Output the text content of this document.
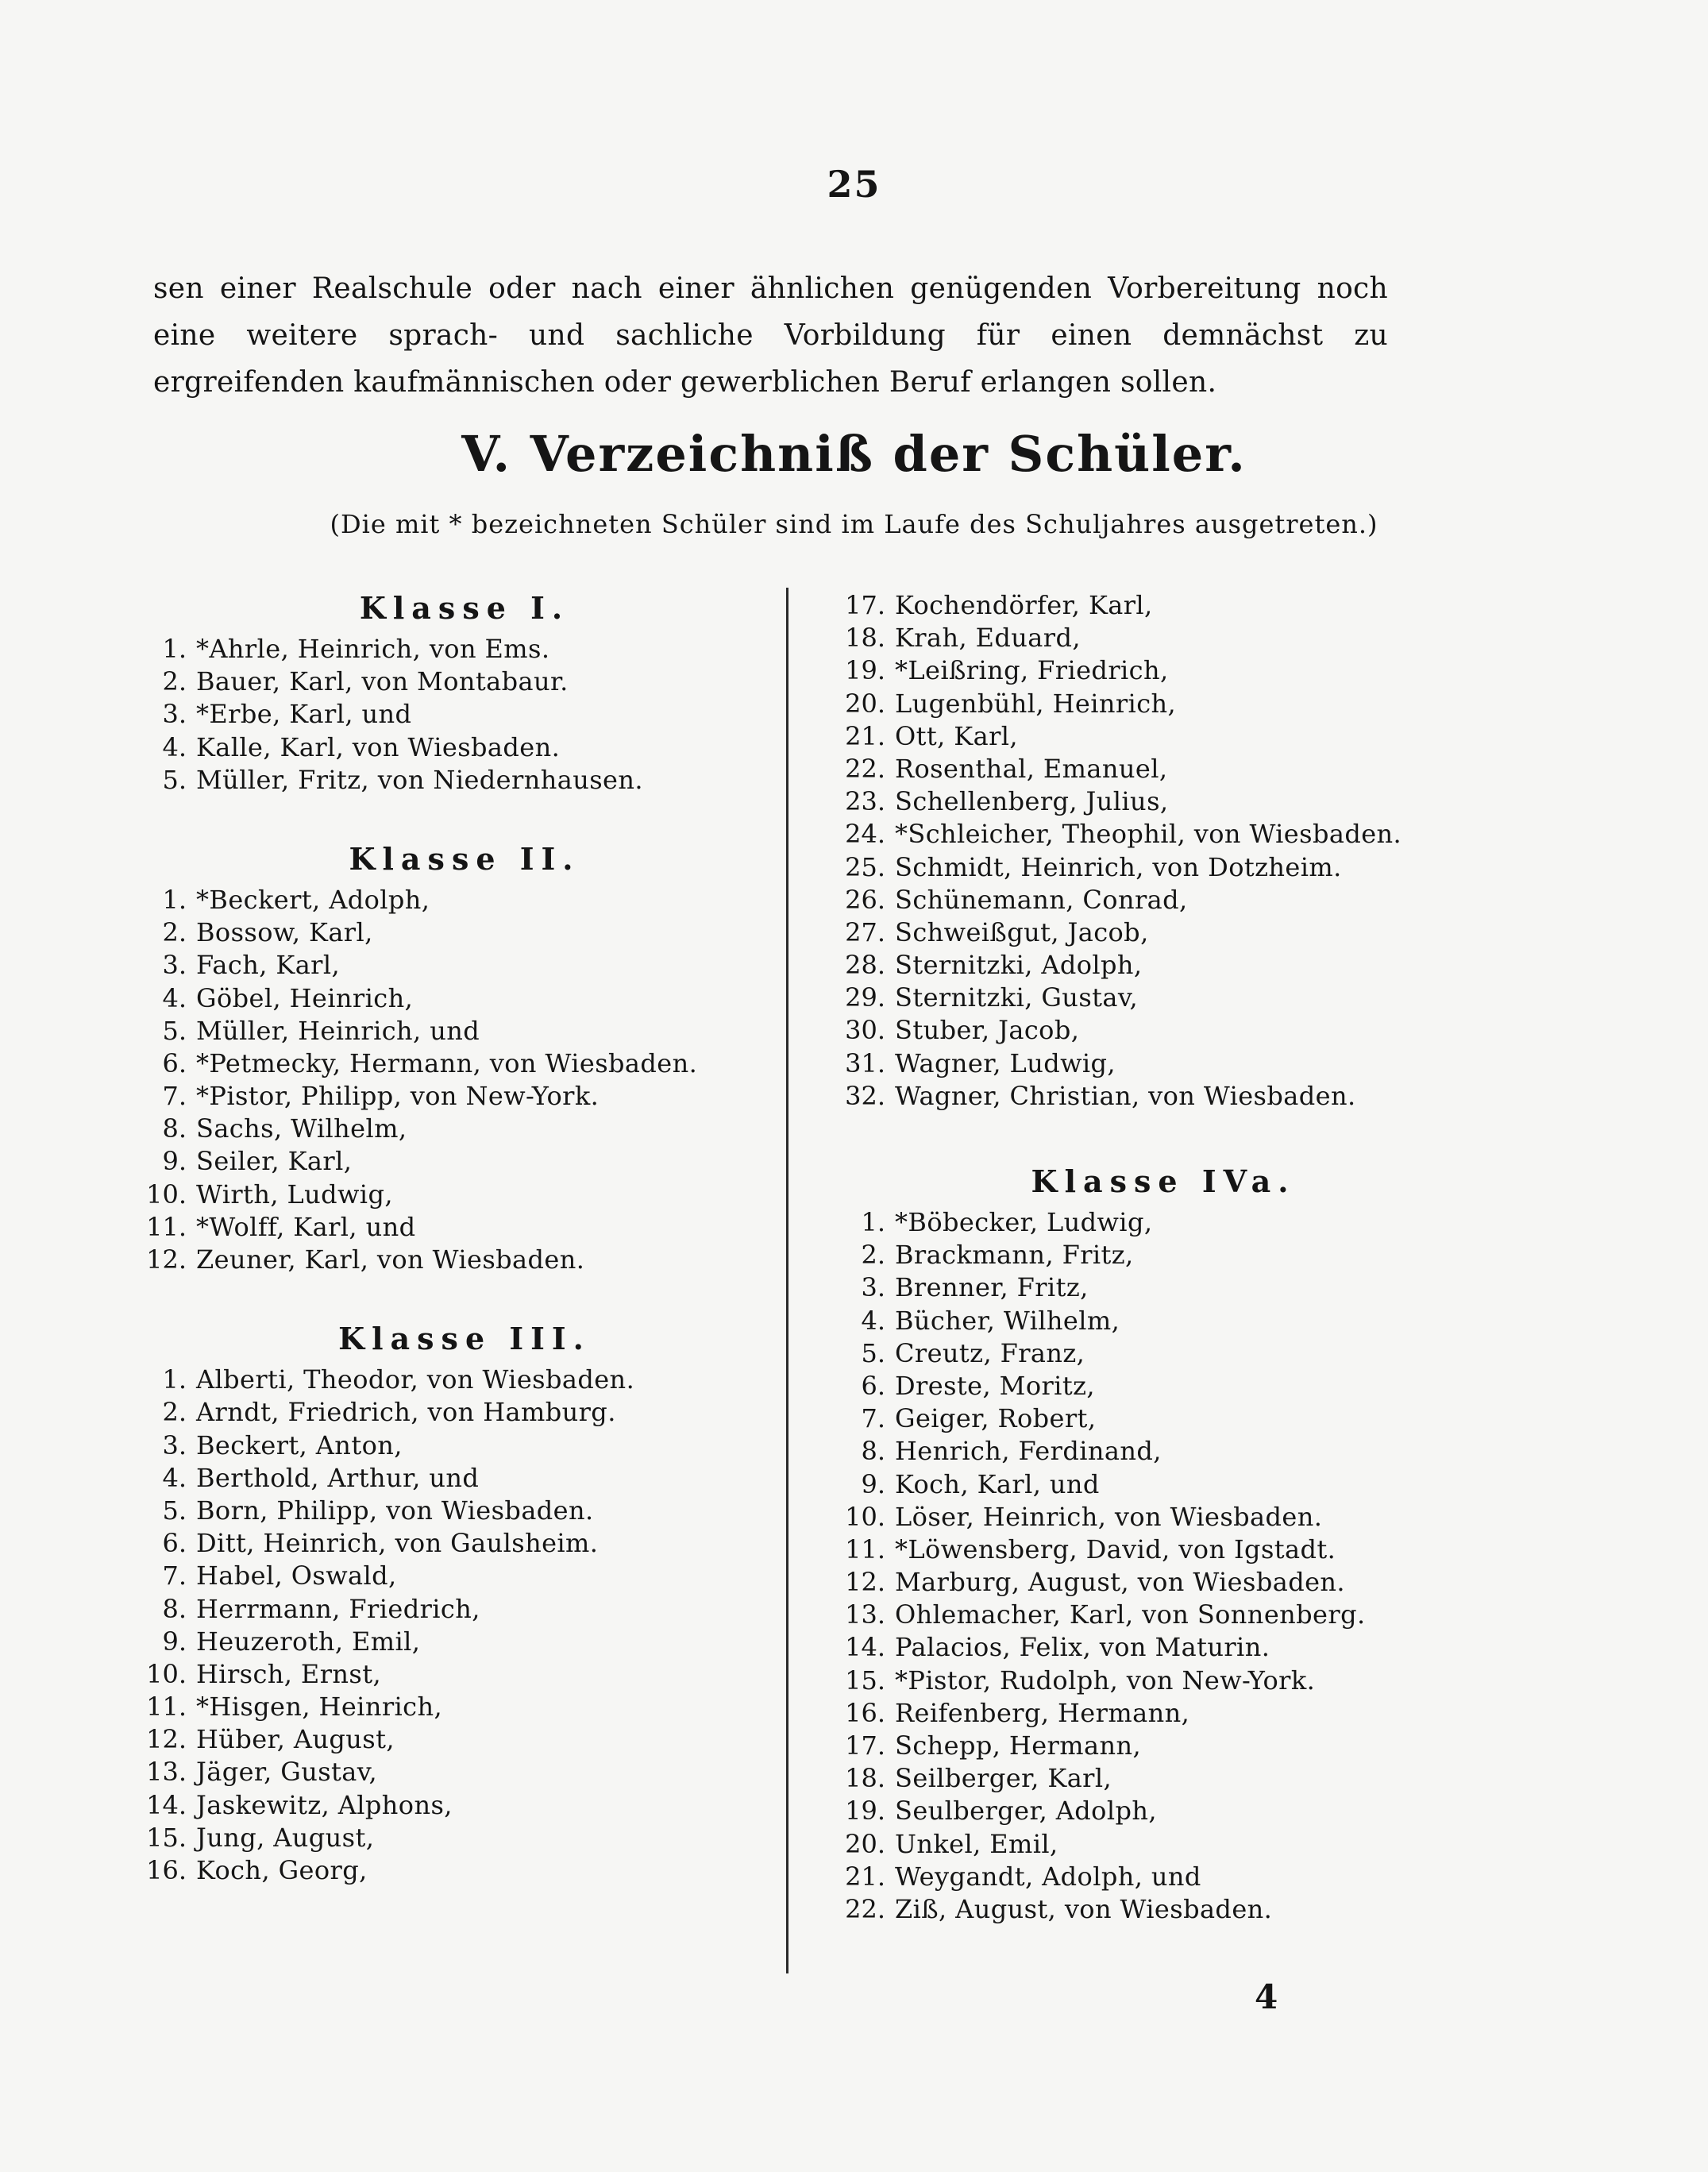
25

sen einer Realschule oder nach einer ähnlichen genügenden Vorbereitung noch eine weitere sprach- und sachliche Vorbildung für einen demnächst zu ergreifenden kaufmännischen oder gewerblichen Beruf erlangen sollen.

V. Verzeichniß der Schüler.
(Die mit * bezeichneten Schüler sind im Laufe des Schuljahres ausgetreten.)
Klasse I.
1. *Ahrle, Heinrich, von Ems.
2. Bauer, Karl, von Montabaur.
3. *Erbe, Karl, und
4. Kalle, Karl, von Wiesbaden.
5. Müller, Fritz, von Niedernhausen.
Klasse II.
1. *Beckert, Adolph,
2. Bossow, Karl,
3. Fach, Karl,
4. Göbel, Heinrich,
5. Müller, Heinrich, und
6. *Petmecky, Hermann, von Wiesbaden.
7. *Pistor, Philipp, von New-York.
8. Sachs, Wilhelm,
9. Seiler, Karl,
10. Wirth, Ludwig,
11. *Wolff, Karl, und
12. Zeuner, Karl, von Wiesbaden.
Klasse III.
1. Alberti, Theodor, von Wiesbaden.
2. Arndt, Friedrich, von Hamburg.
3. Beckert, Anton,
4. Berthold, Arthur, und
5. Born, Philipp, von Wiesbaden.
6. Ditt, Heinrich, von Gaulsheim.
7. Habel, Oswald,
8. Herrmann, Friedrich,
9. Heuzeroth, Emil,
10. Hirsch, Ernst,
11. *Hisgen, Heinrich,
12. Hüber, August,
13. Jäger, Gustav,
14. Jaskewitz, Alphons,
15. Jung, August,
16. Koch, Georg,
17. Kochendörfer, Karl,
18. Krah, Eduard,
19. *Leißring, Friedrich,
20. Lugenbühl, Heinrich,
21. Ott, Karl,
22. Rosenthal, Emanuel,
23. Schellenberg, Julius,
24. *Schleicher, Theophil, von Wiesbaden.
25. Schmidt, Heinrich, von Dotzheim.
26. Schünemann, Conrad,
27. Schweißgut, Jacob,
28. Sternitzki, Adolph,
29. Sternitzki, Gustav,
30. Stuber, Jacob,
31. Wagner, Ludwig,
32. Wagner, Christian, von Wiesbaden.
Klasse IVa.
1. *Böbecker, Ludwig,
2. Brackmann, Fritz,
3. Brenner, Fritz,
4. Bücher, Wilhelm,
5. Creutz, Franz,
6. Dreste, Moritz,
7. Geiger, Robert,
8. Henrich, Ferdinand,
9. Koch, Karl, und
10. Löser, Heinrich, von Wiesbaden.
11. *Löwensberg, David, von Igstadt.
12. Marburg, August, von Wiesbaden.
13. Ohlemacher, Karl, von Sonnenberg.
14. Palacios, Felix, von Maturin.
15. *Pistor, Rudolph, von New-York.
16. Reifenberg, Hermann,
17. Schepp, Hermann,
18. Seilberger, Karl,
19. Seulberger, Adolph,
20. Unkel, Emil,
21. Weygandt, Adolph, und
22. Ziß, August, von Wiesbaden.
4
